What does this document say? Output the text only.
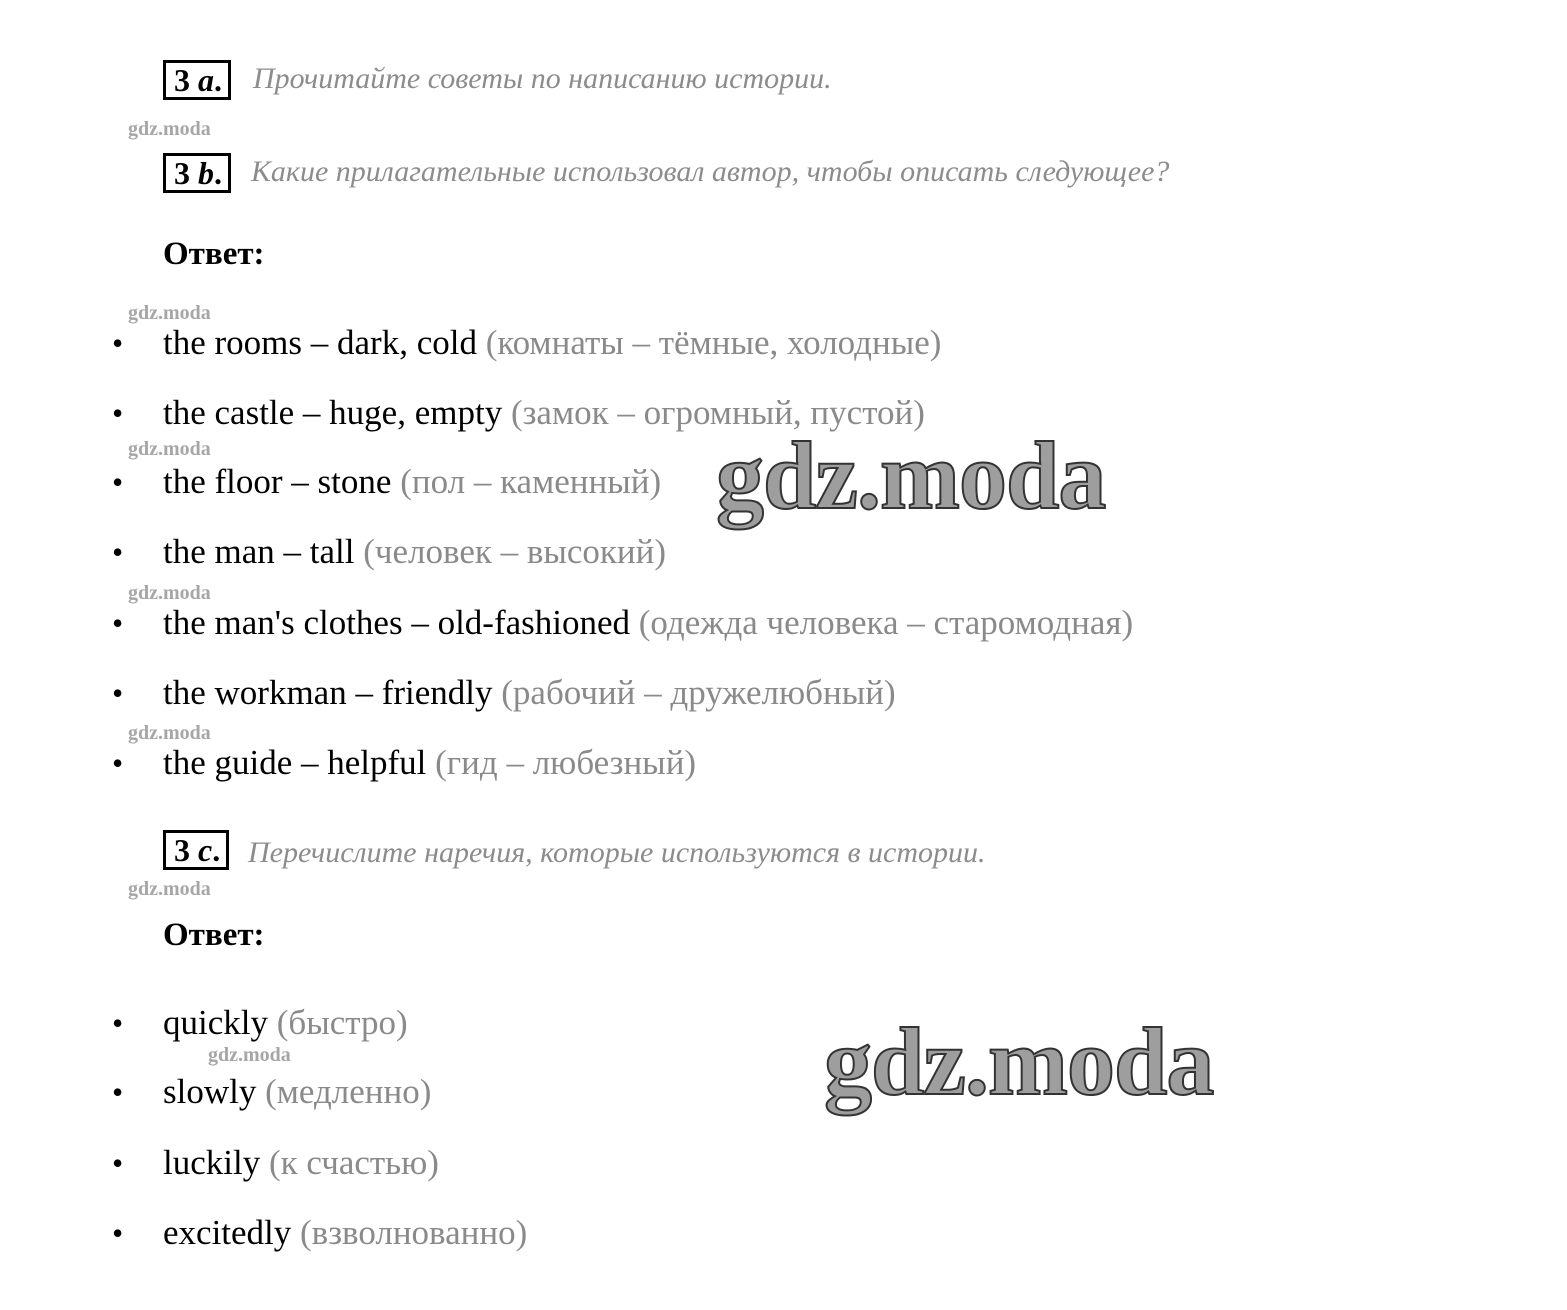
3 a.	Прочитайте советы по написанию истории.
gdz.moda
3 b. Какие прилагательные использовал автор, чтобы описать следующее?
Ответ:
gdz.moda
• the rooms – dark, cold (комнаты – тёмные, холодные)
• the castle – huge, empty (замок – огромный, пустой)
gdz.moda
• the floor – stone (пол – каменный)
• the man – tall (человек – высокий)
gdz.moda
• the man's clothes – old-fashioned (одежда человека – старомодная)
• the workman – friendly (рабочий – дружелюбный)
gdz.moda
• the guide – helpful (гид – любезный)
3 c. Перечислите наречия, которые используются в истории.
gdz.moda
Ответ:
• quickly (быстро)
gdz.moda
• slowly (медленно)
• luckily (к счастью)
• excitedly (взволнованно)
gdz.moda
gdz.moda
